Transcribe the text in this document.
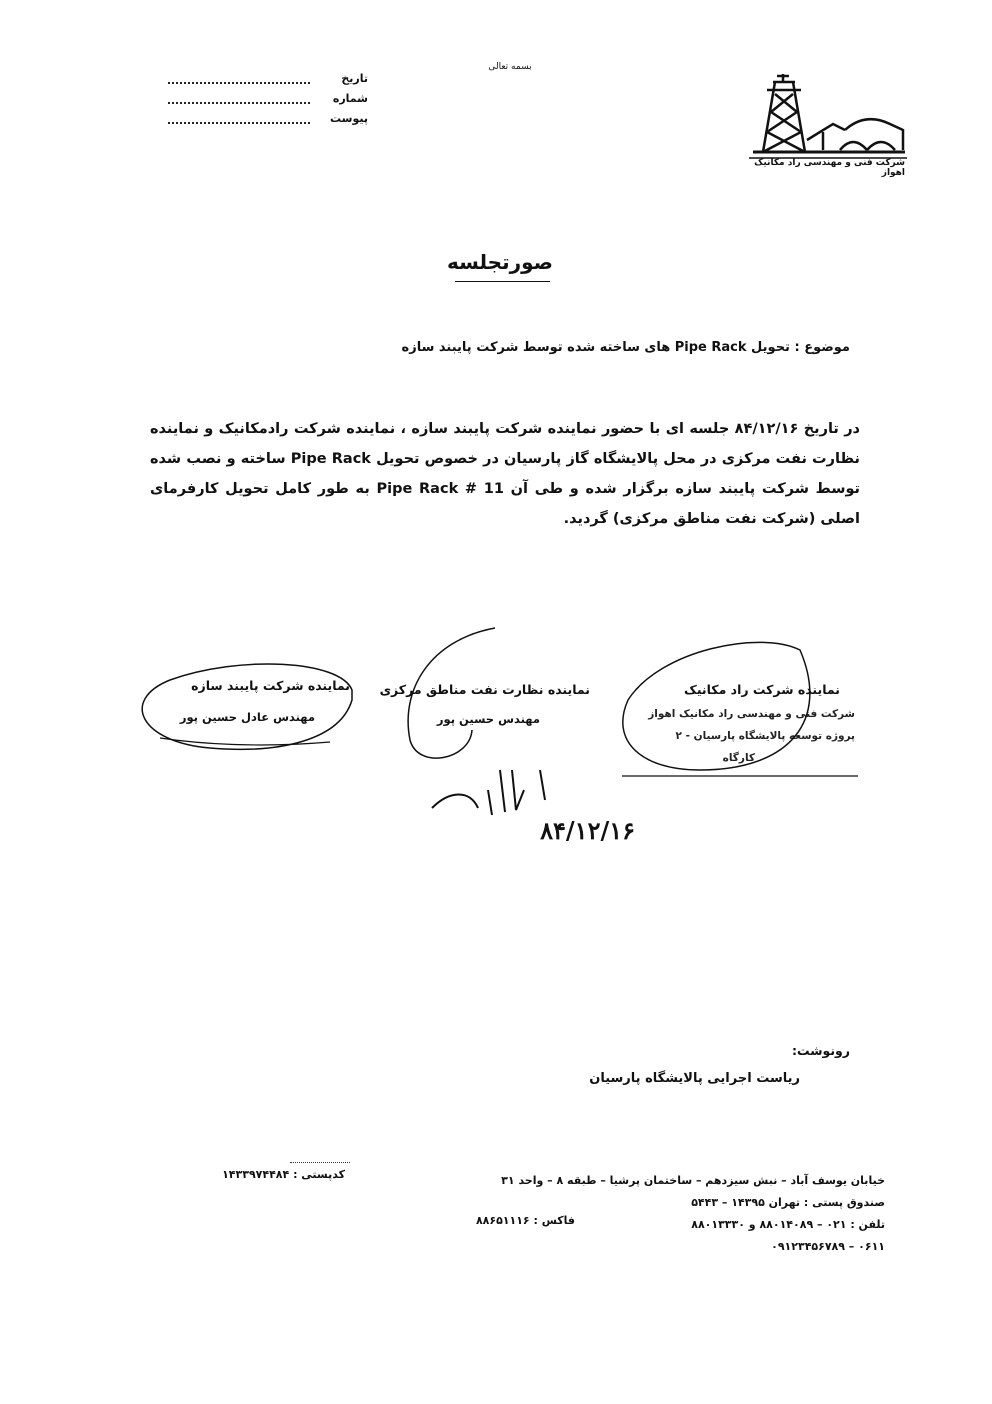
بسمه تعالی
تاریخ
شماره
پیوست
شرکت فنی و مهندسی راد مکانیک اهواز
صورتجلسه
موضوع : تحویل Pipe Rack های ساخته شده توسط شرکت پایبند سازه
در تاریخ ۸۴/۱۲/۱۶ جلسه ای با حضور نماینده شرکت پایبند سازه ، نماینده شرکت رادمکانیک و نماینده نظارت نفت مرکزی در محل پالایشگاه گاز پارسیان در خصوص تحویل Pipe Rack ساخته و نصب شده توسط شرکت پایبند سازه برگزار شده و طی آن Pipe Rack # 11 به طور کامل تحویل کارفرمای اصلی (شرکت نفت مناطق مرکزی) گردید.
نماینده شرکت پایبند سازه
مهندس عادل حسین پور
نماینده نظارت نفت مناطق مرکزی
مهندس حسین پور
نماینده شرکت راد مکانیک
شرکت فنی و مهندسی راد مکانیک اهواز
پروژه توسعه پالایشگاه پارسیان - ۲
کارگاه
۸۴/۱۲/۱۶
رونوشت:
ریاست اجرایی پالایشگاه پارسیان
کدپستی : ۱۴۳۳۹۷۴۴۸۴	خیابان یوسف آباد – نبش سیزدهم – ساختمان پرشیا – طبقه ۸ – واحد ۳۱
صندوق پستی : تهران ۱۴۳۹۵ – ۵۴۴۳
تلفن : ۰۲۱ – ۸۸۰۱۴۰۸۹ و ۸۸۰۱۳۳۳۰
فاکس : ۸۸۶۵۱۱۱۶
۰۹۱۲۳۴۵۶۷۸۹ – ۰۶۱۱
